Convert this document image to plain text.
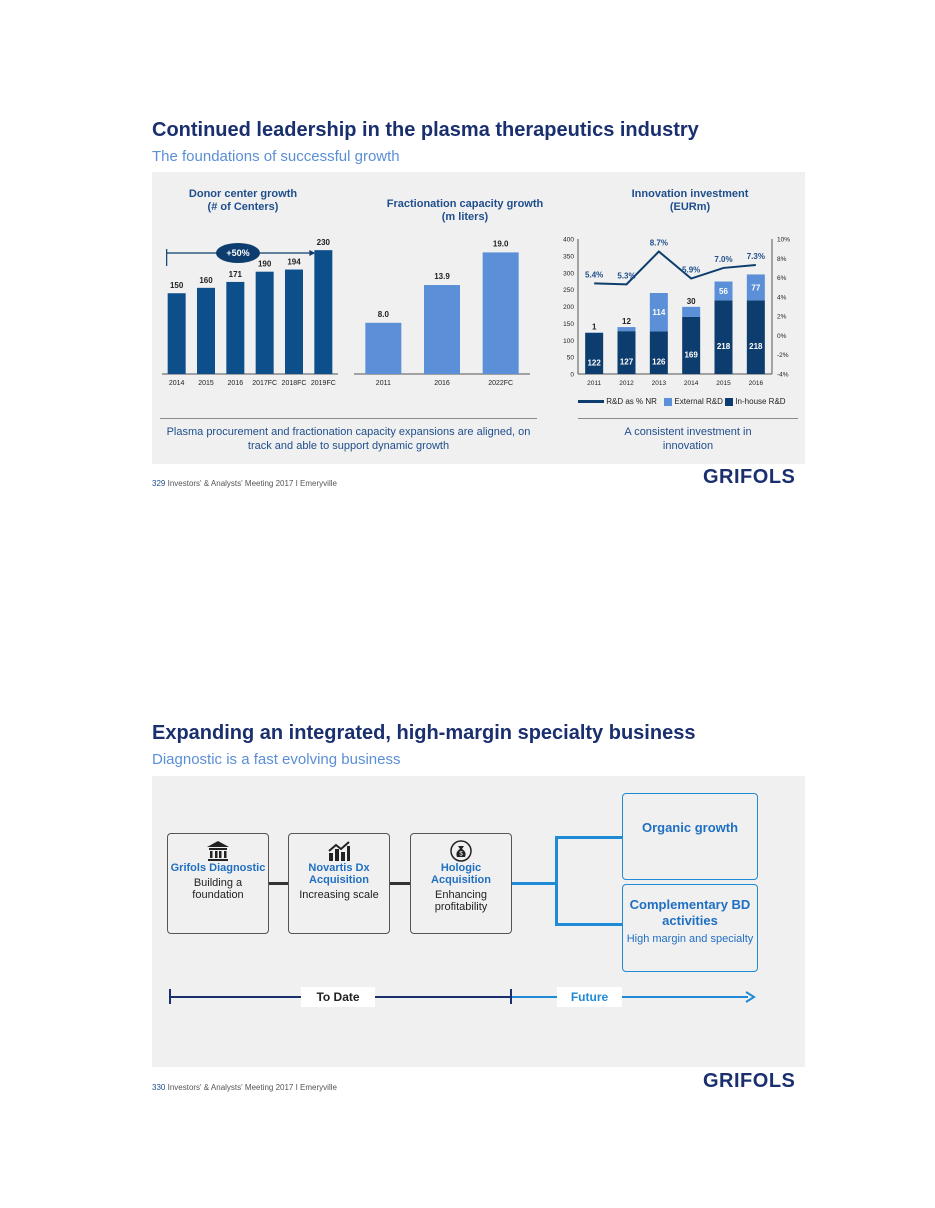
Continued leadership in the plasma therapeutics industry
The foundations of successful growth
Donor center growth
(# of Centers)	Fractionation capacity growth
(m liters)
Innovation investment
(EURm)
150
2014
160
2015
171
2016
190
2017FC
194
2018FC
230
2019FC
+50%
8.0
2011
13.9
2016
19.0
2022FC
0
50
100
150
200
250
300
350
400
-4%
-2%
0%
2%
4%
6%
8%
10%
122
1
2011
127
12
2012
126
114
2013
169
30
2014
218
56
2015
218
77
2016
5.4% 5.3%
8.7%
5.9%
7.0% 7.3%
R&D as % NR External R&D In-house R&D
Plasma procurement and fractionation capacity expansions are aligned, on track and able to support dynamic growth
A consistent investment in innovation
329 Investors' & Analysts' Meeting 2017 I Emeryville	GRIFOLS
Expanding an integrated, high-margin specialty business
Diagnostic is a fast evolving business
Grifols Diagnostic
Building a foundation
Novartis Dx Acquisition
Increasing scale
$
Hologic Acquisition
Enhancing profitability
Organic growth
Complementary BD activities
High margin and specialty
To Date	Future
330 Investors' & Analysts' Meeting 2017 I Emeryville	GRIFOLS
